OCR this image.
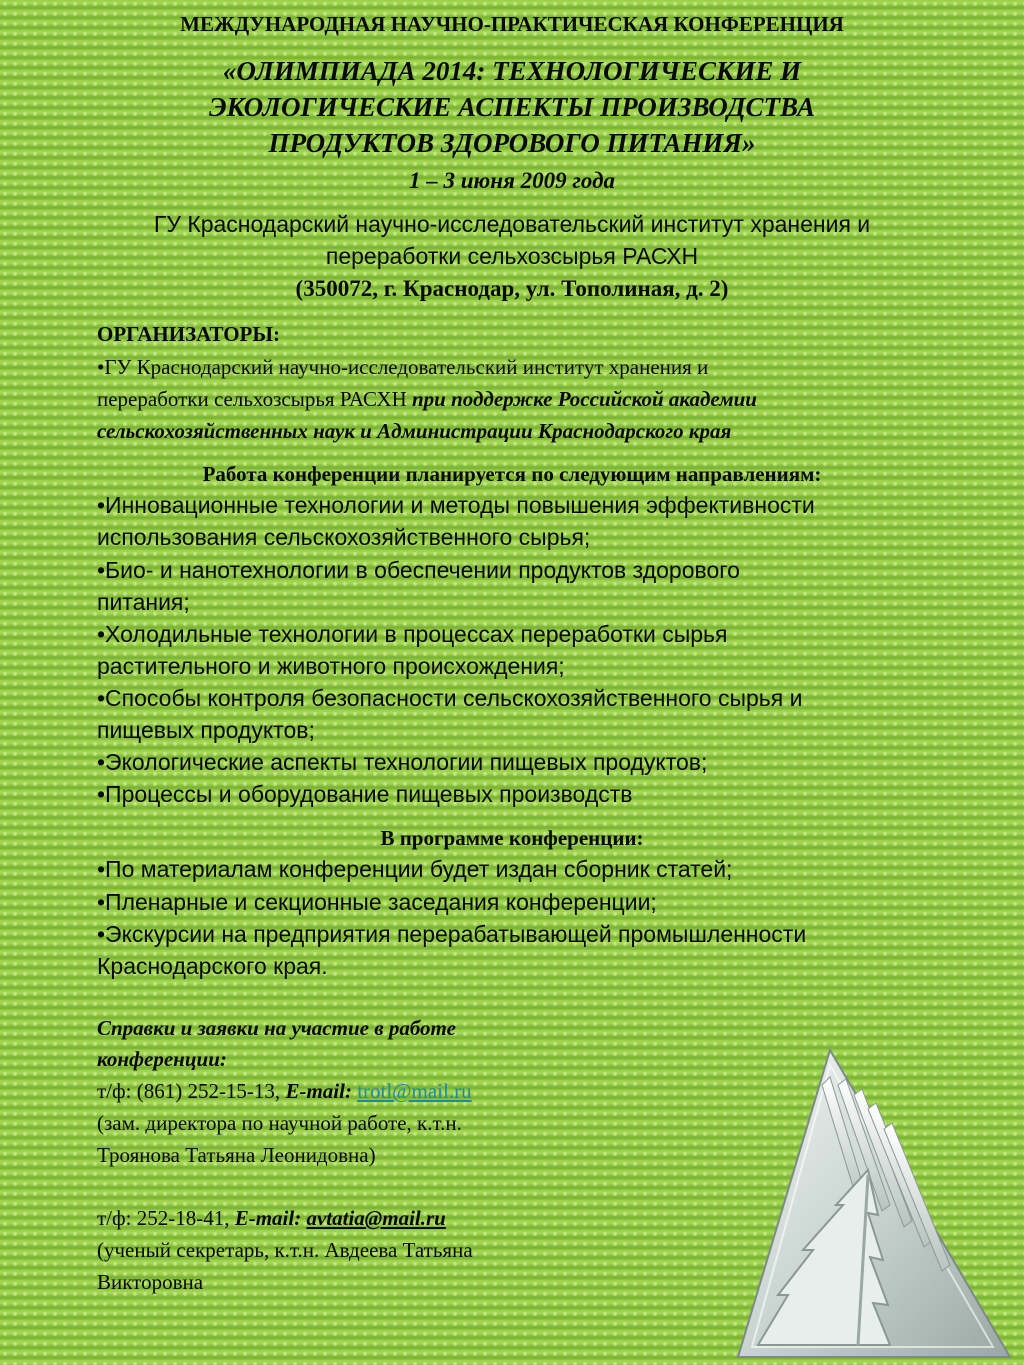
МЕЖДУНАРОДНАЯ НАУЧНО-ПРАКТИЧЕСКАЯ КОНФЕРЕНЦИЯ
«ОЛИМПИАДА 2014: ТЕХНОЛОГИЧЕСКИЕ И
ЭКОЛОГИЧЕСКИЕ АСПЕКТЫ ПРОИЗВОДСТВА
ПРОДУКТОВ ЗДОРОВОГО ПИТАНИЯ»
1 – 3 июня 2009 года
ГУ Краснодарский научно-исследовательский институт хранения и
переработки сельхозсырья РАСХН
(350072, г. Краснодар, ул. Тополиная, д. 2)
ОРГАНИЗАТОРЫ:
•ГУ Краснодарский научно-исследовательский институт хранения и
переработки сельхозсырья РАСХН при поддержке Российской академии
сельскохозяйственных наук и Администрации Краснодарского края
Работа конференции планируется по следующим направлениям:
•Инновационные технологии и методы повышения эффективности
использования сельскохозяйственного сырья;
•Био- и нанотехнологии в обеспечении продуктов здорового
питания;
•Холодильные технологии в процессах переработки сырья
растительного и животного происхождения;
•Способы контроля безопасности сельскохозяйственного сырья и
пищевых продуктов;
•Экологические аспекты технологии пищевых продуктов;
•Процессы и оборудование пищевых производств
В программе конференции:
•По материалам конференции будет издан сборник статей;
•Пленарные и секционные заседания конференции;
•Экскурсии на предприятия перерабатывающей промышленности
Краснодарского края.
Справки и заявки на участие в работе
конференции:
т/ф: (861) 252-15-13, E-mail: trotl@mail.ru
(зам. директора по научной работе, к.т.н.
Троянова Татьяна Леонидовна)
т/ф: 252-18-41, E-mail: avtatia@mail.ru
(ученый секретарь, к.т.н. Авдеева Татьяна
Викторовна
